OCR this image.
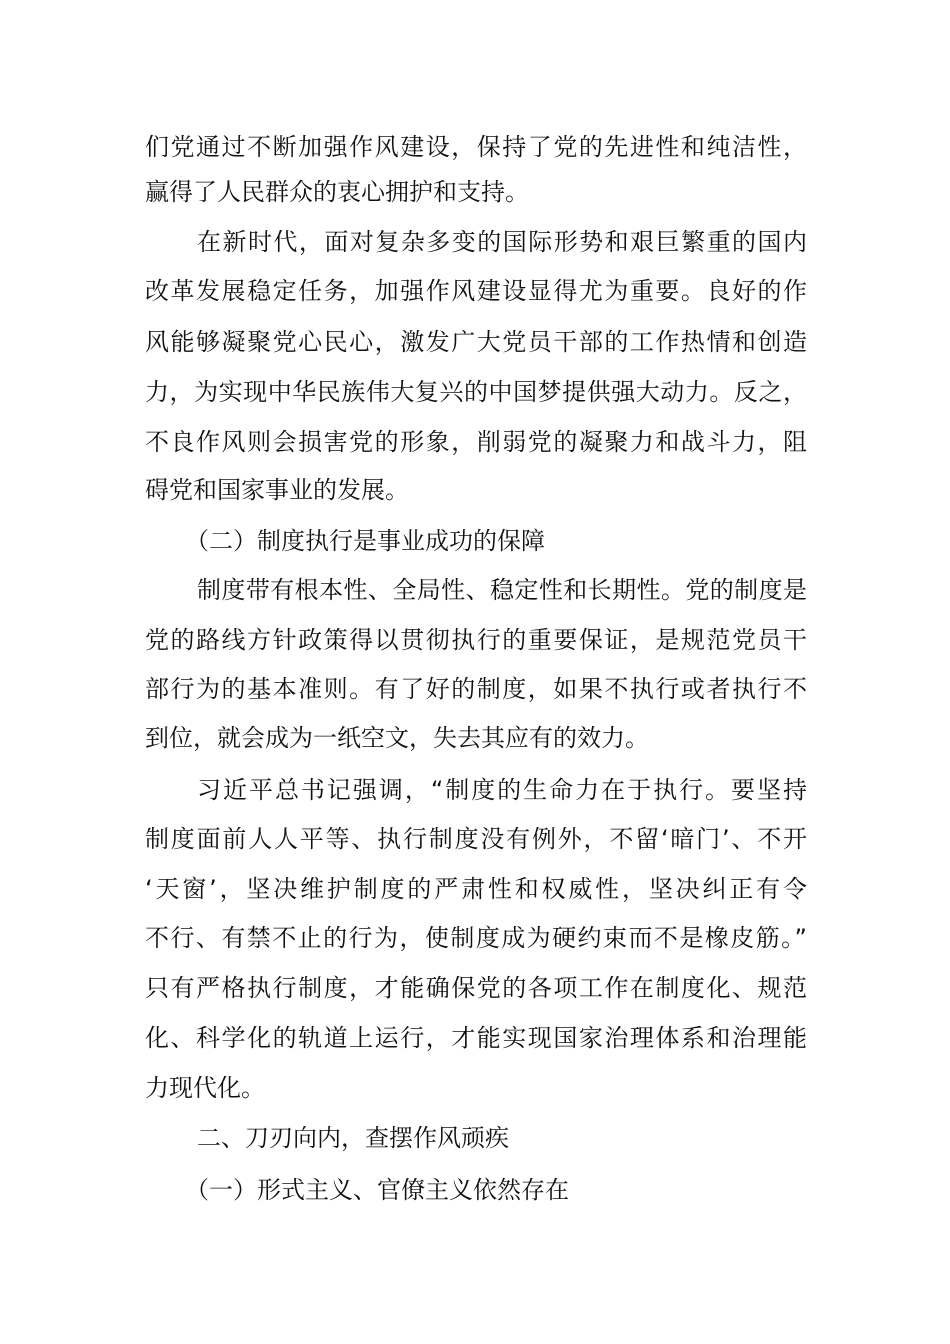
们党通过不断加强作风建设，保持了党的先进性和纯洁性，
赢得了人民群众的衷心拥护和支持。
在新时代，面对复杂多变的国际形势和艰巨繁重的国内
改革发展稳定任务，加强作风建设显得尤为重要。良好的作
风能够凝聚党心民心，激发广大党员干部的工作热情和创造
力，为实现中华民族伟大复兴的中国梦提供强大动力。反之，
不良作风则会损害党的形象，削弱党的凝聚力和战斗力，阻
碍党和国家事业的发展。
（二）制度执行是事业成功的保障
制度带有根本性、全局性、稳定性和长期性。党的制度是
党的路线方针政策得以贯彻执行的重要保证，是规范党员干
部行为的基本准则。有了好的制度，如果不执行或者执行不
到位，就会成为一纸空文，失去其应有的效力。
习近平总书记强调，“制度的生命力在于执行。要坚持
制度面前人人平等、执行制度没有例外，不留‘暗门’、不开
‘天窗’，坚决维护制度的严肃性和权威性，坚决纠正有令
不行、有禁不止的行为，使制度成为硬约束而不是橡皮筋。”
只有严格执行制度，才能确保党的各项工作在制度化、规范
化、科学化的轨道上运行，才能实现国家治理体系和治理能
力现代化。
二、刀刃向内，查摆作风顽疾
（一）形式主义、官僚主义依然存在
